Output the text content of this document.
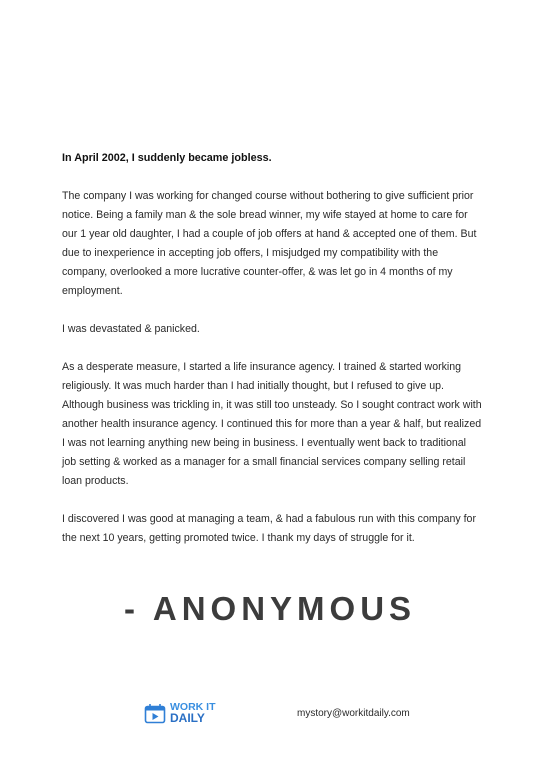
In April 2002, I suddenly became jobless.

The company I was working for changed course without bothering to give sufficient prior notice. Being a family man & the sole bread winner, my wife stayed at home to care for our 1 year old daughter, I had a couple of job offers at hand & accepted one of them. But due to inexperience in accepting job offers, I misjudged my compatibility with the company, overlooked a more lucrative counter-offer, & was let go in 4 months of my employment.

I was devastated & panicked.

As a desperate measure, I started a life insurance agency. I trained & started working religiously. It was much harder than I had initially thought, but I refused to give up. Although business was trickling in, it was still too unsteady. So I sought contract work with another health insurance agency. I continued this for more than a year & half, but realized I was not learning anything new being in business. I eventually went back to traditional job setting & worked as a manager for a small financial services company selling retail loan products.

I discovered I was good at managing a team, & had a fabulous run with this company for the next 10 years, getting promoted twice. I thank my days of struggle for it.

- ANONYMOUS
WORK IT
DAILY	mystory@workitdaily.com
